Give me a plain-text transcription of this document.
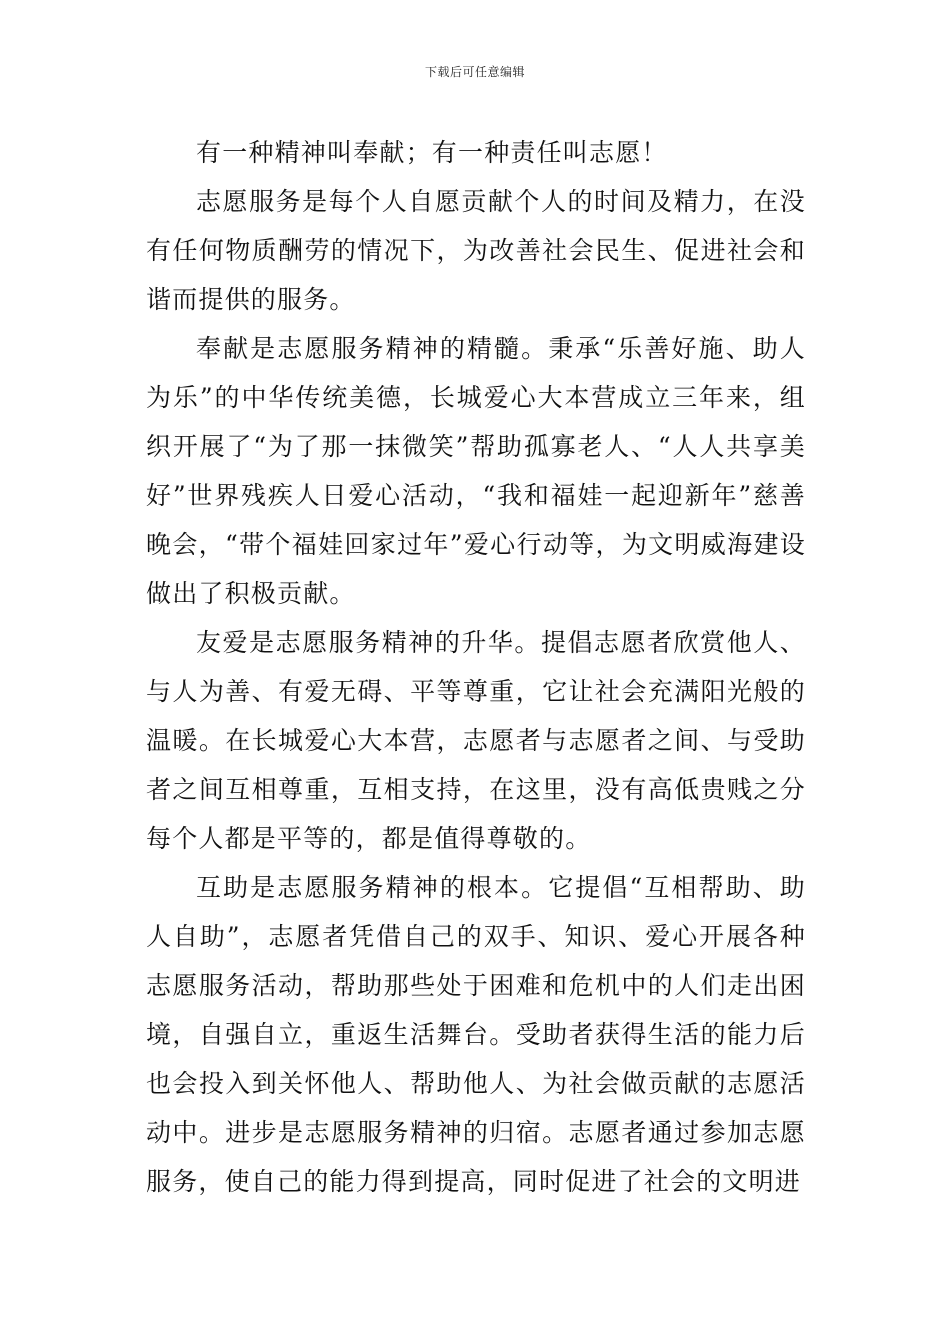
下载后可任意编辑

有一种精神叫奉献；有一种责任叫志愿！

志愿服务是每个人自愿贡献个人的时间及精力，在没有任何物质酬劳的情况下，为改善社会民生、促进社会和谐而提供的服务。

奉献是志愿服务精神的精髓。秉承“乐善好施、助人为乐”的中华传统美德，长城爱心大本营成立三年来，组织开展了“为了那一抹微笑”帮助孤寡老人、“人人共享美好”世界残疾人日爱心活动，“我和福娃一起迎新年”慈善晚会，“带个福娃回家过年”爱心行动等，为文明威海建设做出了积极贡献。

友爱是志愿服务精神的升华。提倡志愿者欣赏他人、与人为善、有爱无碍、平等尊重，它让社会充满阳光般的温暖。在长城爱心大本营，志愿者与志愿者之间、与受助者之间互相尊重，互相支持，在这里，没有高低贵贱之分每个人都是平等的，都是值得尊敬的。

互助是志愿服务精神的根本。它提倡“互相帮助、助人自助”，志愿者凭借自己的双手、知识、爱心开展各种志愿服务活动，帮助那些处于困难和危机中的人们走出困境，自强自立，重返生活舞台。受助者获得生活的能力后也会投入到关怀他人、帮助他人、为社会做贡献的志愿活动中。进步是志愿服务精神的归宿。志愿者通过参加志愿服务，使自己的能力得到提高，同时促进了社会的文明进
